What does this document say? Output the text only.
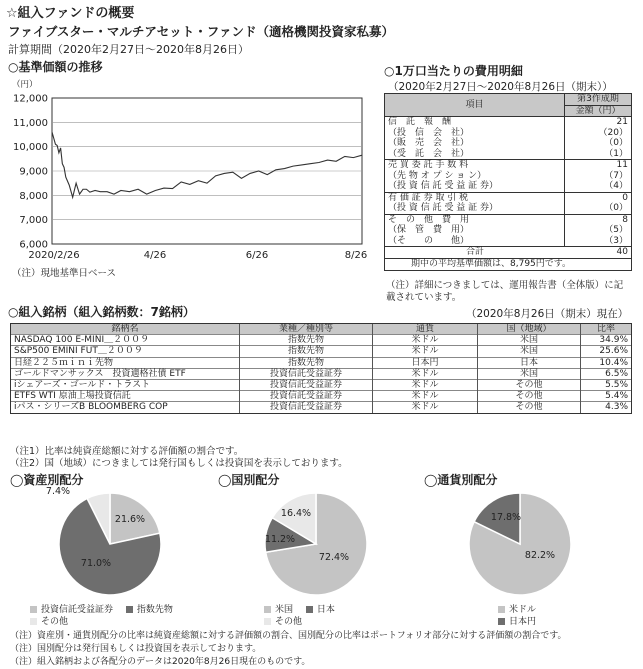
☆組入ファンドの概要
ファイブスター・マルチアセット・ファンド（適格機関投資家私募）
計算期間（2020年2月27日～2020年8月26日）
○基準価額の推移
（円）
6,000
7,000
8,000
9,000
10,000
11,000
12,000
2020/2/26	4/26	6/26	8/26
（注）現地基準日ベース
○1万口当たりの費用明細
（2020年2月27日～2020年8月26日（期末））
項目
第3作成期
金額（円）
信　託　報　酬	21
（投　信　会　社）	（20）
（販　売　会　社）	（0）
（受　託　会　社）	（1）
売 買 委 託 手 数 料	11
（先 物 オ プ シ ョ ン）	（7）
（投 資 信 託 受 益 証 券）	（4）
有 価 証 券 取 引 税	0
（投 資 信 託 受 益 証 券）	（0）
そ　の　他　費　用	8
（保　管　費　用）	（5）
（そ　　の　　他）	（3）
合計	40
期中の平均基準価額は、8,795円です。
（注）詳細につきましては、運用報告書（全体版）に記載されています。
○組入銘柄（組入銘柄数：7銘柄）	（2020年8月26日（期末）現在）
銘柄名	業種／種別等	通貨	国（地域）	比率
NASDAQ 100 E-MINI＿２００９	指数先物	米ドル	米国	34.9%
S&P500 EMINI FUT＿２００９	指数先物	米ドル	米国	25.6%
日経２２５ｍｉｎｉ先物	指数先物	日本円	日本	10.4%
ゴールドマンサックス　投資適格社債 ETF	投資信託受益証券	米ドル	米国	6.5%
iシェアーズ・ゴールド・トラスト	投資信託受益証券	米ドル	その他	5.5%
ETFS WTI 原油上場投資信託	投資信託受益証券	米ドル	その他	5.4%
iパス・シリーズB BLOOMBERG COP	投資信託受益証券	米ドル	その他	4.3%
（注1）比率は純資産総額に対する評価額の割合です。
（注2）国（地域）につきましては発行国もしくは投資国を表示しております。
◯資産別配分	◯国別配分	◯通貨別配分
21.6%
71.0%
7.4%
72.4%
11.2%
16.4%
82.2%
17.8%
投資信託受益証券	指数先物
その他
米国	日本
その他
米ドル
日本円
（注）資産別・通貨別配分の比率は純資産総額に対する評価額の割合、国別配分の比率はポートフォリオ部分に対する評価額の割合です。
（注）国別配分は発行国もしくは投資国を表示しております。
（注）組入銘柄および各配分のデータは2020年8月26日現在のものです。
